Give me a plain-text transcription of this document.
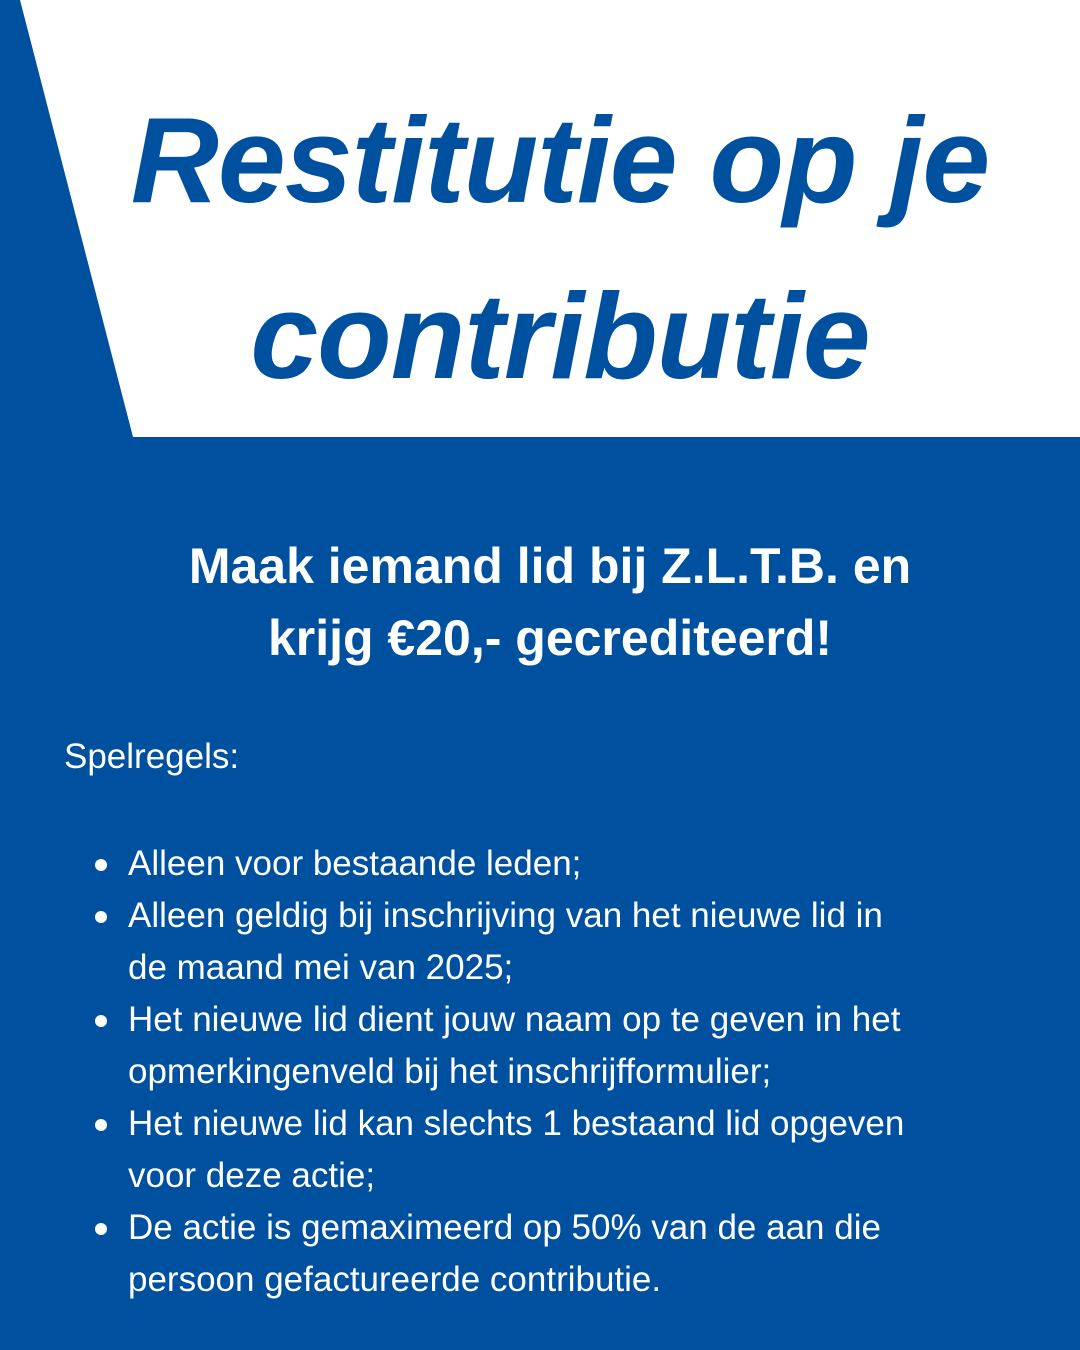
Restitutie op je
contributie
Maak iemand lid bij Z.L.T.B. en
krijg €20,- gecrediteerd!

Spelregels:

Alleen voor bestaande leden;
Alleen geldig bij inschrijving van het nieuwe lid in
de maand mei van 2025;
Het nieuwe lid dient jouw naam op te geven in het
opmerkingenveld bij het inschrijfformulier;
Het nieuwe lid kan slechts 1 bestaand lid opgeven
voor deze actie;
De actie is gemaximeerd op 50% van de aan die
persoon gefactureerde contributie.
